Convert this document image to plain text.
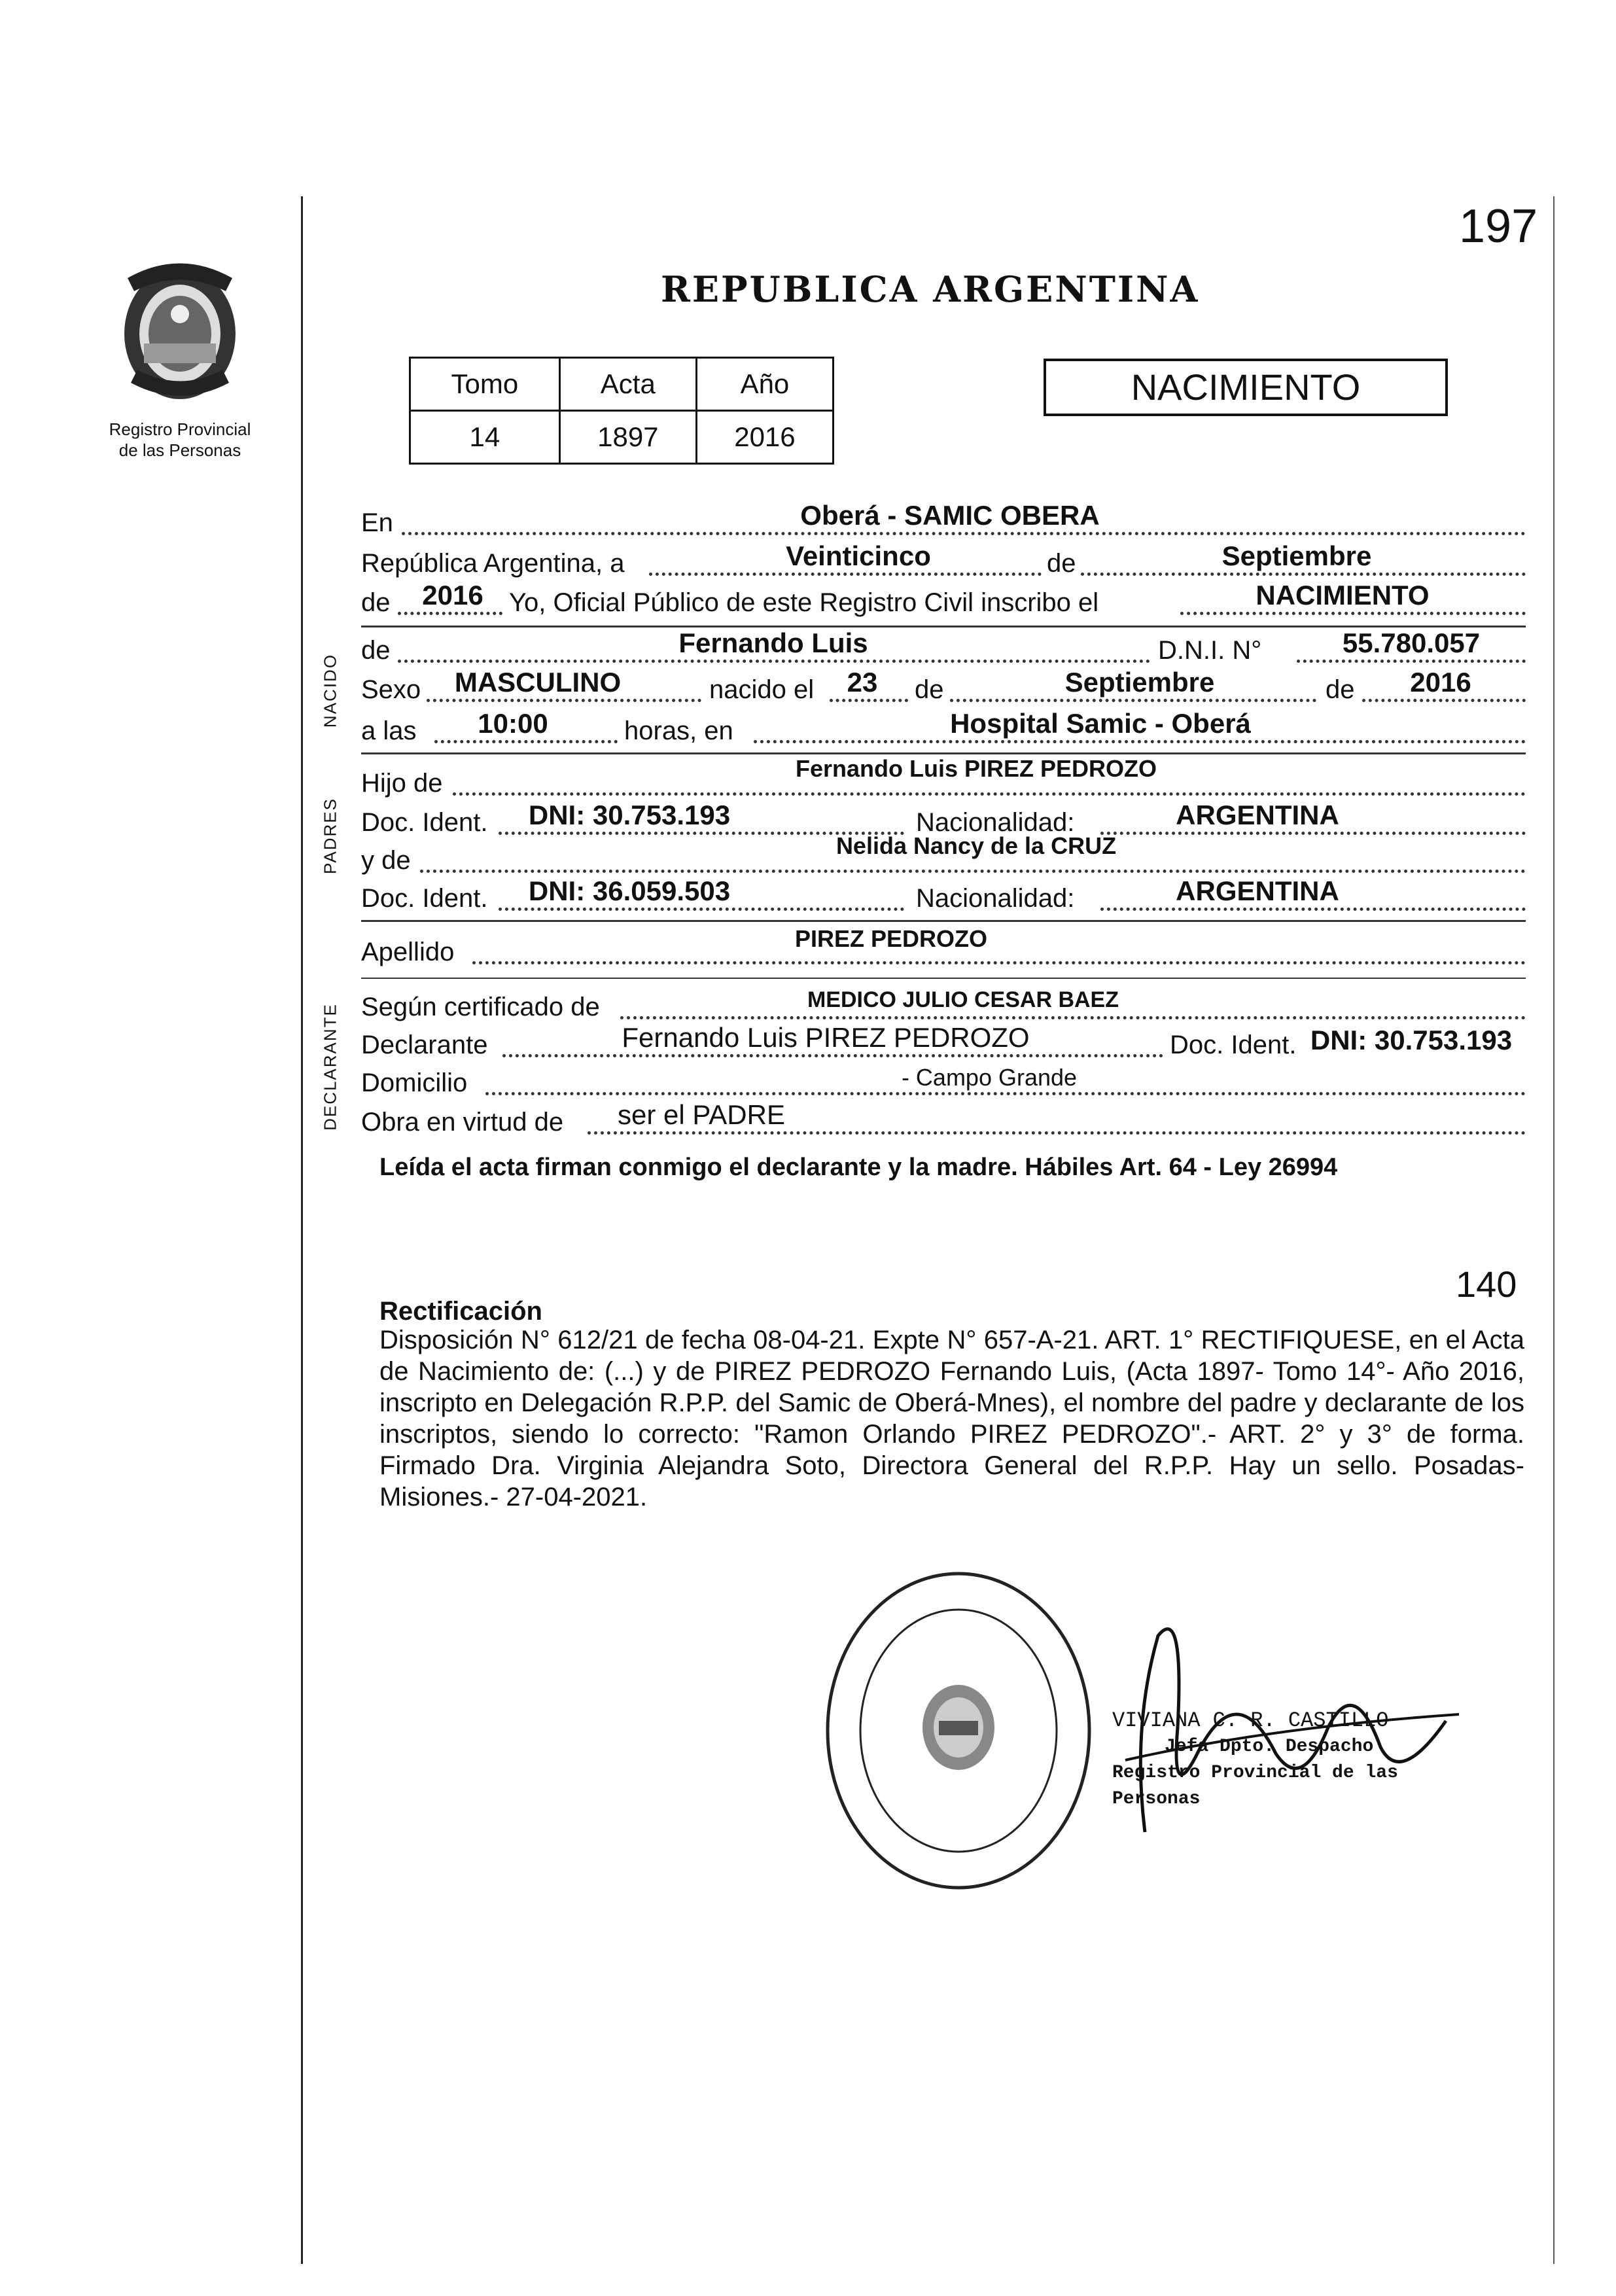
197
Registro Provincial
de las Personas
REPUBLICA ARGENTINA
Tomo	Acta	Año
14	1897	2016
NACIMIENTO
En	Oberá - SAMIC OBERA
República Argentina, a	Veinticinco	de	Septiembre
de	2016 Yo, Oficial Público de este Registro Civil inscribo el	NACIMIENTO
NACIDO
de	Fernando Luis	D.N.I. N°	55.780.057
Sexo	MASCULINO	nacido el	23	de	Septiembre	de	2016
a las	10:00	horas, en	Hospital Samic - Oberá
PADRES
Hijo de
Fernando Luis PIREZ PEDROZO
Doc. Ident.	DNI: 30.753.193	Nacionalidad:	ARGENTINA
y de
Nelida Nancy de la CRUZ
Doc. Ident.	DNI: 36.059.503	Nacionalidad:	ARGENTINA
Apellido	PIREZ PEDROZO
DECLARANTE Según certificado de	MEDICO JULIO CESAR BAEZ
Declarante	Fernando Luis PIREZ PEDROZO	Doc. Ident. DNI: 30.753.193
Domicilio	- Campo Grande
Obra en virtud de	ser el PADRE
Leída el acta firman conmigo el declarante y la madre. Hábiles Art. 64 - Ley 26994
140
Rectificación
Disposición N° 612/21 de fecha 08-04-21. Expte N° 657-A-21. ART. 1° RECTIFIQUESE, en el Acta de Nacimiento de: (...) y de PIREZ PEDROZO Fernando Luis, (Acta 1897- Tomo 14°- Año 2016, inscripto en Delegación R.P.P. del Samic de Oberá-Mnes), el nombre del padre y declarante de los inscriptos, siendo lo correcto: "Ramon Orlando PIREZ PEDROZO".- ART. 2° y 3° de forma. Firmado Dra. Virginia Alejandra Soto, Directora General del R.P.P. Hay un sello. Posadas- Misiones.- 27-04-2021.
VIVIANA C. R. CASTILLO
Jefa Dpto. Despacho
Registro Provincial de las Personas
